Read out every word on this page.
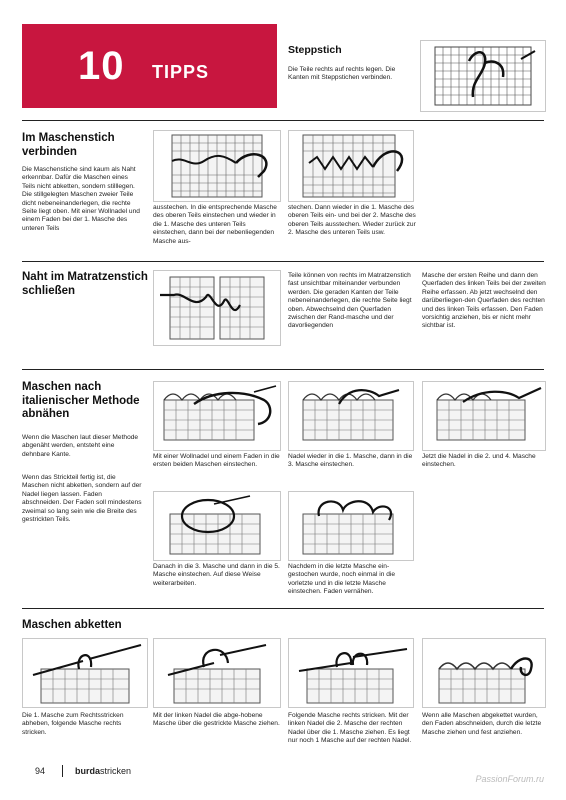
10 TIPPS
Steppstich
Die Teile rechts auf rechts legen. Die Kanten mit Steppstichen verbinden.
Im Maschenstich verbinden
Die Maschenstiche sind kaum als Naht erkennbar. Dafür die Maschen eines Teils nicht abketten, sondern stilllegen. Die stillgelegten Maschen zweier Teile dicht nebeneinanderlegen, die rechte Seite liegt oben. Mit einer Wollnadel und einem Faden bei der 1. Masche des unteren Teils
ausstechen. In die entsprechende Masche des oberen Teils einstechen und wieder in die 1. Masche des unteren Teils einstechen, dann bei der nebenliegenden Masche aus-
stechen. Dann wieder in die 1. Masche des oberen Teils ein- und bei der 2. Masche des oberen Teils ausstechen. Wieder zurück zur 2. Masche des unteren Teils usw.
Naht im Matratzenstich schließen
Teile können von rechts im Matratzenstich fast unsichtbar miteinander verbunden werden. Die geraden Kanten der Teile nebeneinanderlegen, die rechte Seite liegt oben. Abwechselnd den Querfaden zwischen der Rand-masche und der davorliegenden
Masche der ersten Reihe und dann den Querfaden des linken Teils bei der zweiten Reihe erfassen. Ab jetzt wechselnd den darüberliegen-den Querfaden des rechten und des linken Teils erfassen. Den Faden vorsichtig anziehen, bis er nicht mehr sichtbar ist.
Maschen nach italienischer Methode abnähen
Wenn die Maschen laut dieser Methode abgenäht werden, entsteht eine dehnbare Kante.
Wenn das Strickteil fertig ist, die Maschen nicht abketten, sondern auf der Nadel liegen lassen. Faden abschneiden. Der Faden soll mindestens zweimal so lang sein wie die Breite des gestrickten Teils.
Mit einer Wollnadel und einem Faden in die ersten beiden Maschen einstechen.
Nadel wieder in die 1. Masche, dann in die 3. Masche einstechen.
Jetzt die Nadel in die 2. und 4. Masche einstechen.
Danach in die 3. Masche und dann in die 5. Masche einstechen. Auf diese Weise weiterarbeiten.
Nachdem in die letzte Masche ein-gestochen wurde, noch einmal in die vorletzte und in die letzte Masche einstechen. Faden vernähen.
Maschen abketten
Die 1. Masche zum Rechtsstricken abheben, folgende Masche rechts stricken.
Mit der linken Nadel die abge-hobene Masche über die gestrickte Masche ziehen.
Folgende Masche rechts stricken. Mit der linken Nadel die 2. Masche der rechten Nadel über die 1. Masche ziehen. Es liegt nur noch 1 Masche auf der rechten Nadel.
Wenn alle Maschen abgekettet wurden, den Faden abschneiden, durch die letzte Masche ziehen und fest anziehen.
94	burdastricken
PassionForum.ru
